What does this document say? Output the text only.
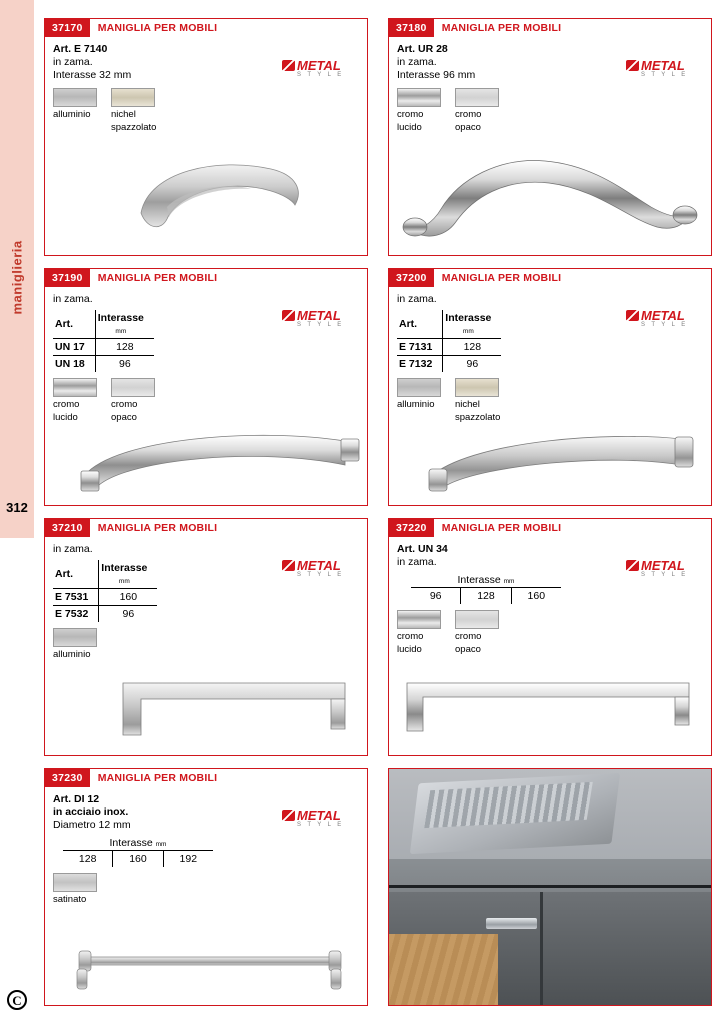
312
C
37170	MANIGLIA PER MOBILI
METAL
S T Y L E
Art. E 7140
in zama.
Interasse 32 mm
alluminio	nichel
spazzolato
37180	MANIGLIA PER MOBILI
METAL
S T Y L E
Art. UR 28
in zama.
Interasse 96 mm
cromo
lucido
cromo
opaco
37190	MANIGLIA PER MOBILI
METAL
S T Y L E
in zama.
Art.	Interasse
mm
UN 17	128
UN 18	96
cromo
lucido
cromo
opaco
37200	MANIGLIA PER MOBILI
METAL
S T Y L E
in zama.
Art.	Interasse
mm
E 7131	128
E 7132	96
alluminio	nichel
spazzolato
37210	MANIGLIA PER MOBILI
METAL
S T Y L E
in zama.
Art.	Interasse
mm
E 7531	160
E 7532	96
alluminio
37220	MANIGLIA PER MOBILI
METAL
S T Y L E
Art. UN 34
in zama.
Interasse mm
96	128	160
cromo
lucido
cromo
opaco
37230	MANIGLIA PER MOBILI
METAL
S T Y L E
Art. DI 12
in acciaio inox.
Diametro 12 mm
Interasse mm
128	160	192
satinato
